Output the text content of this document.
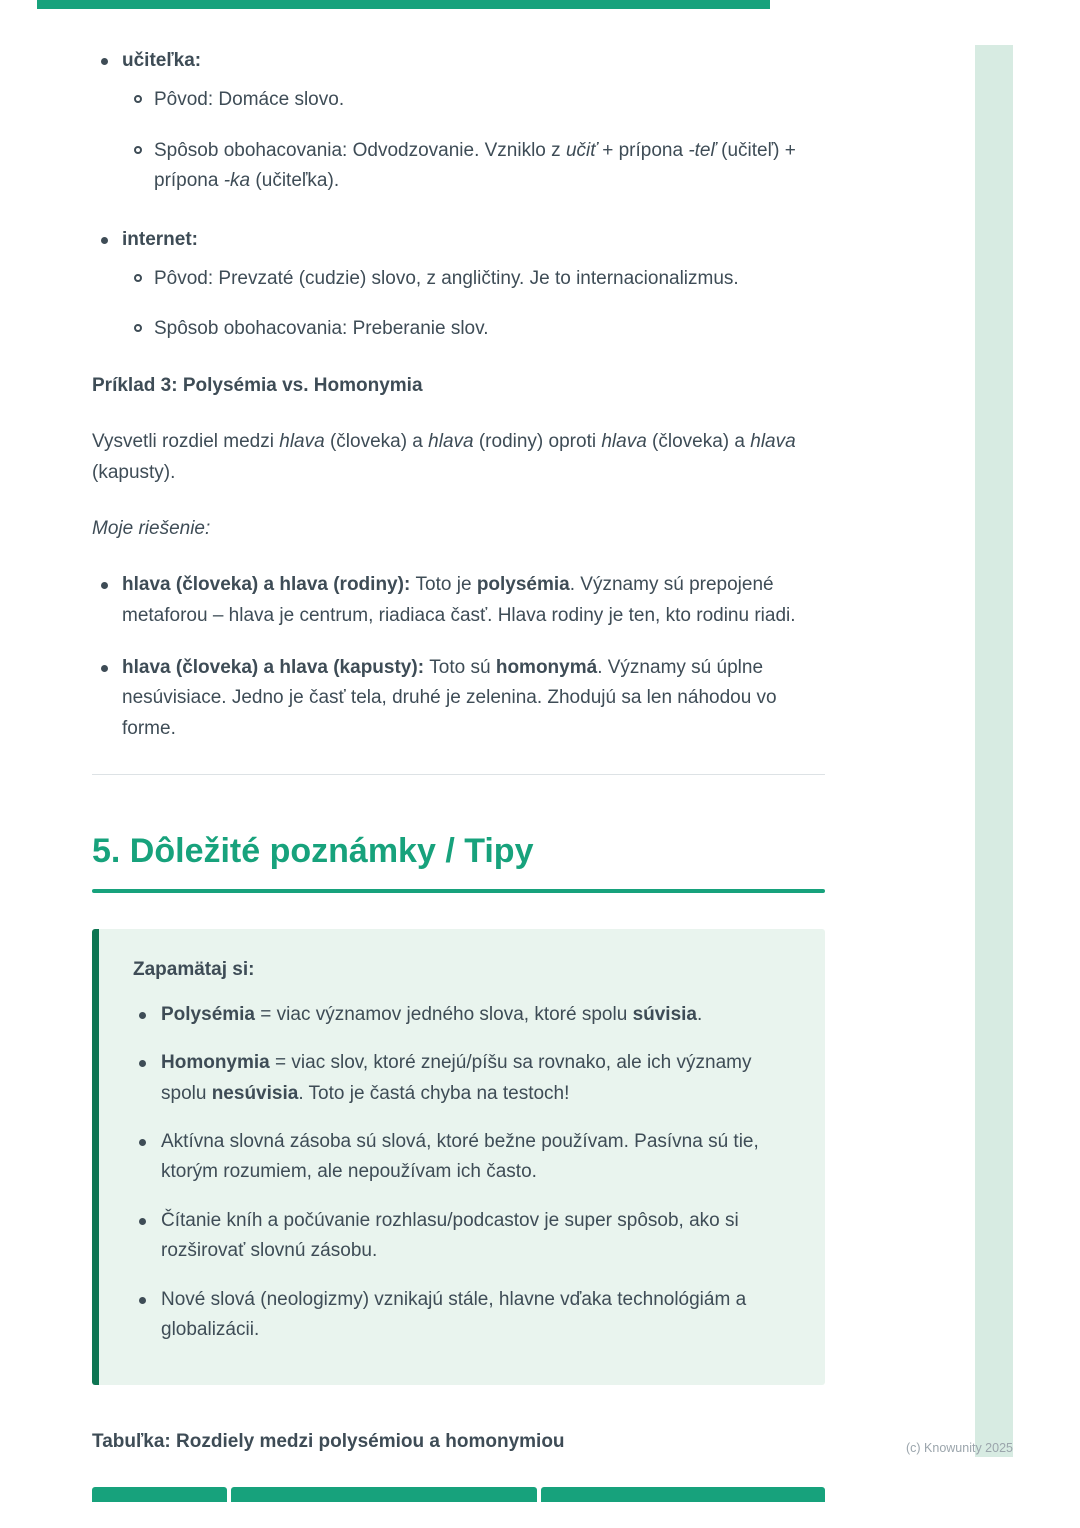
učiteľka:
Pôvod: Domáce slovo.
Spôsob obohacovania: Odvodzovanie. Vzniklo z učiť + prípona -teľ (učiteľ) + prípona -ka (učiteľka).
internet:
Pôvod: Prevzaté (cudzie) slovo, z angličtiny. Je to internacionalizmus.
Spôsob obohacovania: Preberanie slov.
Príklad 3: Polysémia vs. Homonymia

Vysvetli rozdiel medzi hlava (človeka) a hlava (rodiny) oproti hlava (človeka) a hlava (kapusty).

Moje riešenie:
hlava (človeka) a hlava (rodiny): Toto je polysémia. Významy sú prepojené metaforou – hlava je centrum, riadiaca časť. Hlava rodiny je ten, kto rodinu riadi.
hlava (človeka) a hlava (kapusty): Toto sú homonymá. Významy sú úplne nesúvisiace. Jedno je časť tela, druhé je zelenina. Zhodujú sa len náhodou vo forme.
5. Dôležité poznámky / Tipy
Zapamätaj si:
Polysémia = viac významov jedného slova, ktoré spolu súvisia.
Homonymia = viac slov, ktoré znejú/píšu sa rovnako, ale ich významy spolu nesúvisia. Toto je častá chyba na testoch!
Aktívna slovná zásoba sú slová, ktoré bežne používam. Pasívna sú tie, ktorým rozumiem, ale nepoužívam ich často.
Čítanie kníh a počúvanie rozhlasu/podcastov je super spôsob, ako si rozširovať slovnú zásobu.
Nové slová (neologizmy) vznikajú stále, hlavne vďaka technológiám a globalizácii.
Tabuľka: Rozdiely medzi polysémiou a homonymiou	(c) Knowunity 2025
